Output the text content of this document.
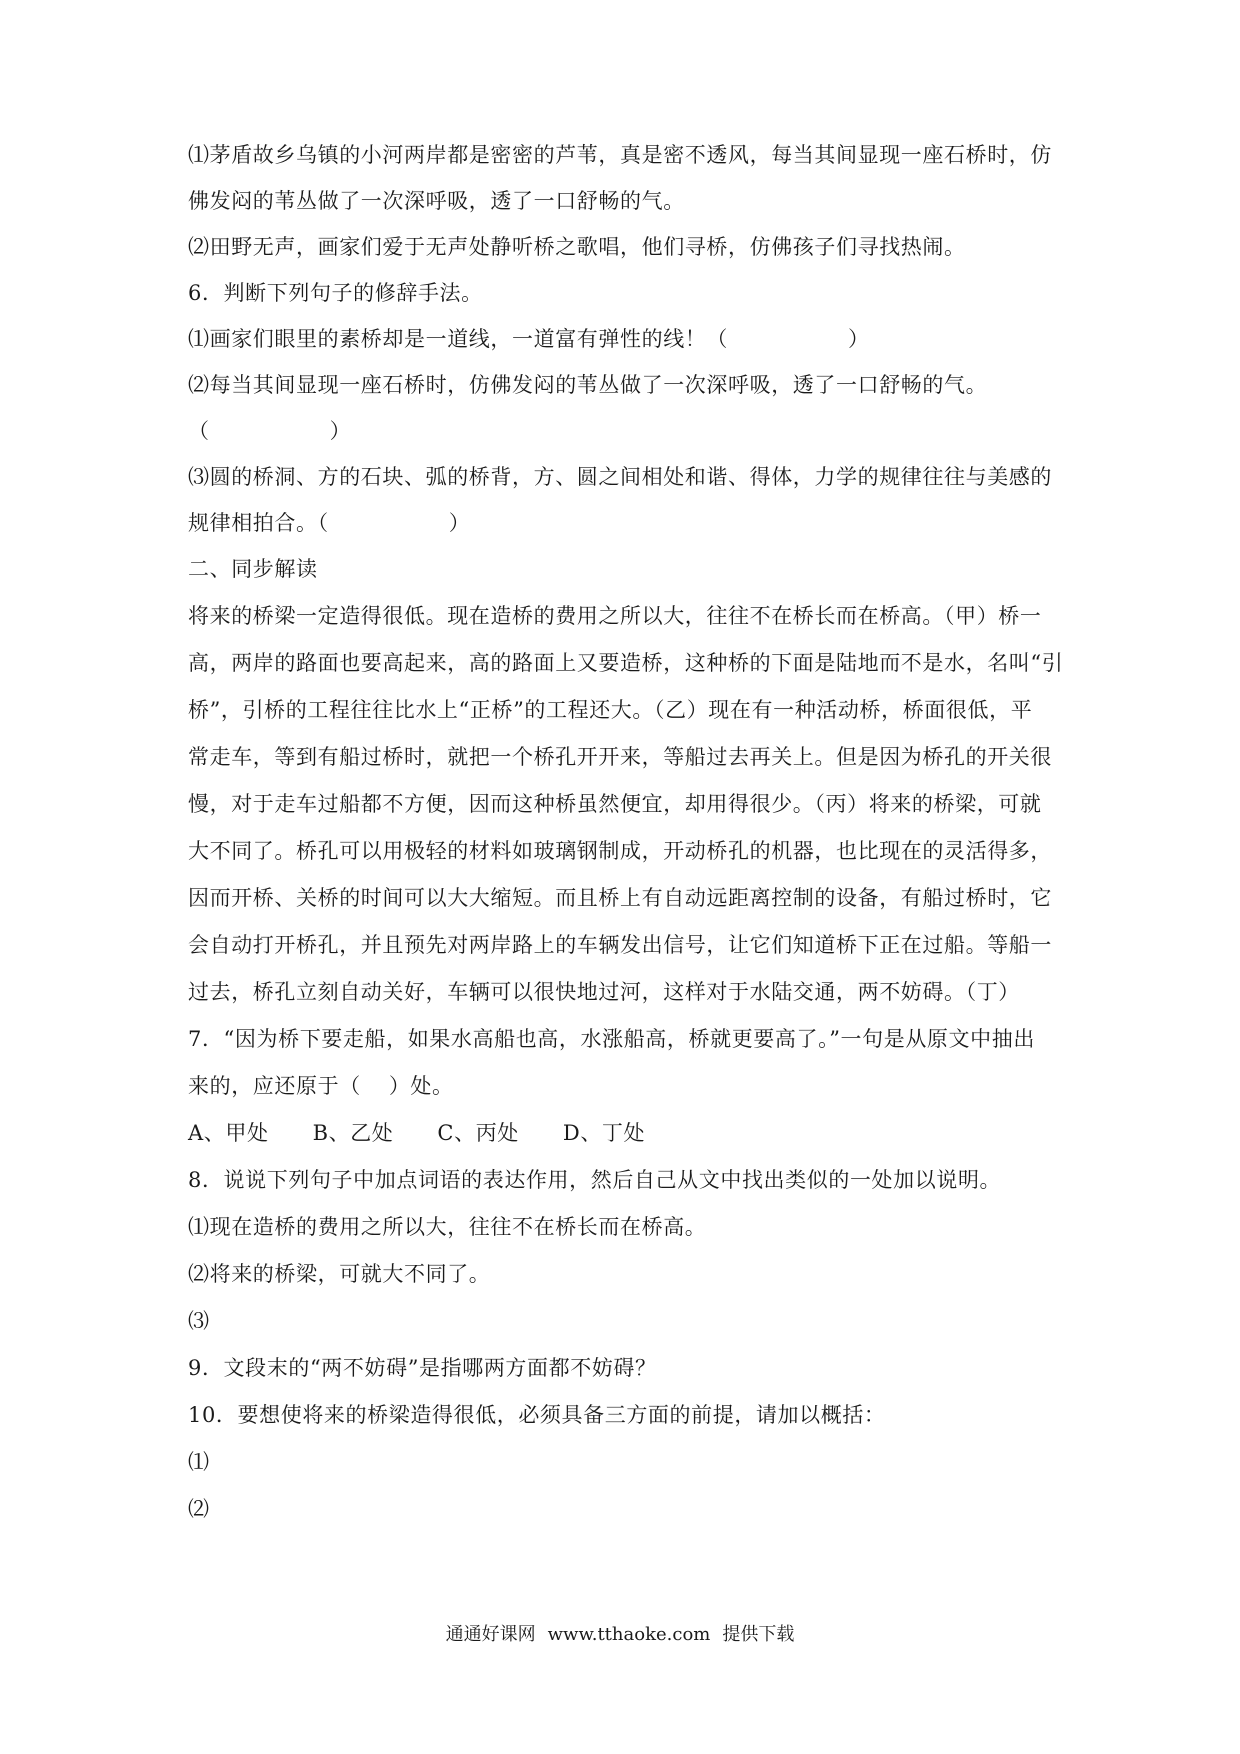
⑴茅盾故乡乌镇的小河两岸都是密密的芦苇，真是密不透风，每当其间显现一座石桥时，仿
佛发闷的苇丛做了一次深呼吸，透了一口舒畅的气。
⑵田野无声，画家们爱于无声处静听桥之歌唱，他们寻桥，仿佛孩子们寻找热闹。
6．判断下列句子的修辞手法。
⑴画家们眼里的素桥却是一道线，一道富有弹性的线！（	）
⑵每当其间显现一座石桥时，仿佛发闷的苇丛做了一次深呼吸，透了一口舒畅的气。
（	）
⑶圆的桥洞、方的石块、弧的桥背，方、圆之间相处和谐、得体，力学的规律往往与美感的
规律相拍合。（	）
二、同步解读
将来的桥梁一定造得很低。现在造桥的费用之所以大，往往不在桥长而在桥高。（甲）桥一
高，两岸的路面也要高起来，高的路面上又要造桥，这种桥的下面是陆地而不是水，名叫“引
桥”，引桥的工程往往比水上“正桥”的工程还大。（乙）现在有一种活动桥，桥面很低，平
常走车，等到有船过桥时，就把一个桥孔开开来，等船过去再关上。但是因为桥孔的开关很
慢，对于走车过船都不方便，因而这种桥虽然便宜，却用得很少。（丙）将来的桥梁，可就
大不同了。桥孔可以用极轻的材料如玻璃钢制成，开动桥孔的机器，也比现在的灵活得多，
因而开桥、关桥的时间可以大大缩短。而且桥上有自动远距离控制的设备，有船过桥时，它
会自动打开桥孔，并且预先对两岸路上的车辆发出信号，让它们知道桥下正在过船。等船一
过去，桥孔立刻自动关好，车辆可以很快地过河，这样对于水陆交通，两不妨碍。（丁）
7．“因为桥下要走船，如果水高船也高，水涨船高，桥就更要高了。”一句是从原文中抽出
来的，应还原于（ ）处。
A、甲处 B、乙处 C、丙处 D、丁处
8．说说下列句子中加点词语的表达作用，然后自己从文中找出类似的一处加以说明。
⑴现在造桥的费用之所以大，往往不在桥长而在桥高。
⑵将来的桥梁，可就大不同了。
⑶
9．文段末的“两不妨碍”是指哪两方面都不妨碍？
10．要想使将来的桥梁造得很低，必须具备三方面的前提，请加以概括：
⑴
⑵
通通好课网 www.tthaoke.com 提供下载
